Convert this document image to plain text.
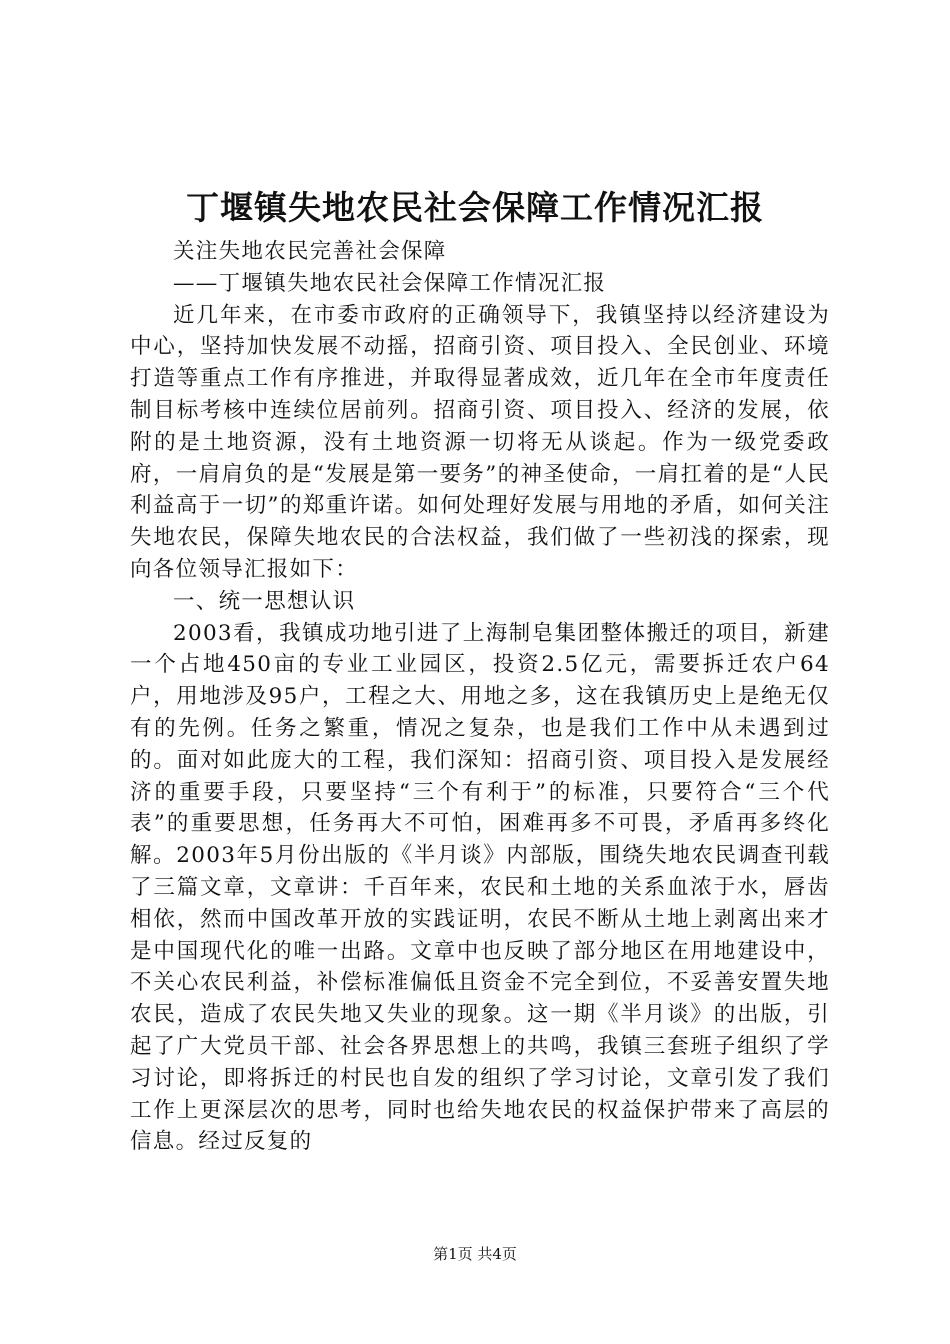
丁堰镇失地农民社会保障工作情况汇报

关注失地农民完善社会保障

——丁堰镇失地农民社会保障工作情况汇报

近几年来，在市委市政府的正确领导下，我镇坚持以经济建设为中心，坚持加快发展不动摇，招商引资、项目投入、全民创业、环境打造等重点工作有序推进，并取得显著成效，近几年在全市年度责任制目标考核中连续位居前列。招商引资、项目投入、经济的发展，依附的是土地资源，没有土地资源一切将无从谈起。作为一级党委政府，一肩肩负的是“发展是第一要务”的神圣使命，一肩扛着的是“人民利益高于一切”的郑重许诺。如何处理好发展与用地的矛盾，如何关注失地农民，保障失地农民的合法权益，我们做了一些初浅的探索，现向各位领导汇报如下：

一、统一思想认识

2003看，我镇成功地引进了上海制皂集团整体搬迁的项目，新建一个占地450亩的专业工业园区，投资2.5亿元，需要拆迁农户64户，用地涉及95户，工程之大、用地之多，这在我镇历史上是绝无仅有的先例。任务之繁重，情况之复杂，也是我们工作中从未遇到过的。面对如此庞大的工程，我们深知：招商引资、项目投入是发展经济的重要手段，只要坚持“三个有利于”的标准，只要符合“三个代表”的重要思想，任务再大不可怕，困难再多不可畏，矛盾再多终化解。2003年5月份出版的《半月谈》内部版，围绕失地农民调查刊载了三篇文章，文章讲：千百年来，农民和土地的关系血浓于水，唇齿相依，然而中国改革开放的实践证明，农民不断从土地上剥离出来才是中国现代化的唯一出路。文章中也反映了部分地区在用地建设中，不关心农民利益，补偿标准偏低且资金不完全到位，不妥善安置失地农民，造成了农民失地又失业的现象。这一期《半月谈》的出版，引起了广大党员干部、社会各界思想上的共鸣，我镇三套班子组织了学习讨论，即将拆迁的村民也自发的组织了学习讨论，文章引发了我们工作上更深层次的思考，同时也给失地农民的权益保护带来了高层的信息。经过反复的

第1页 共4页
